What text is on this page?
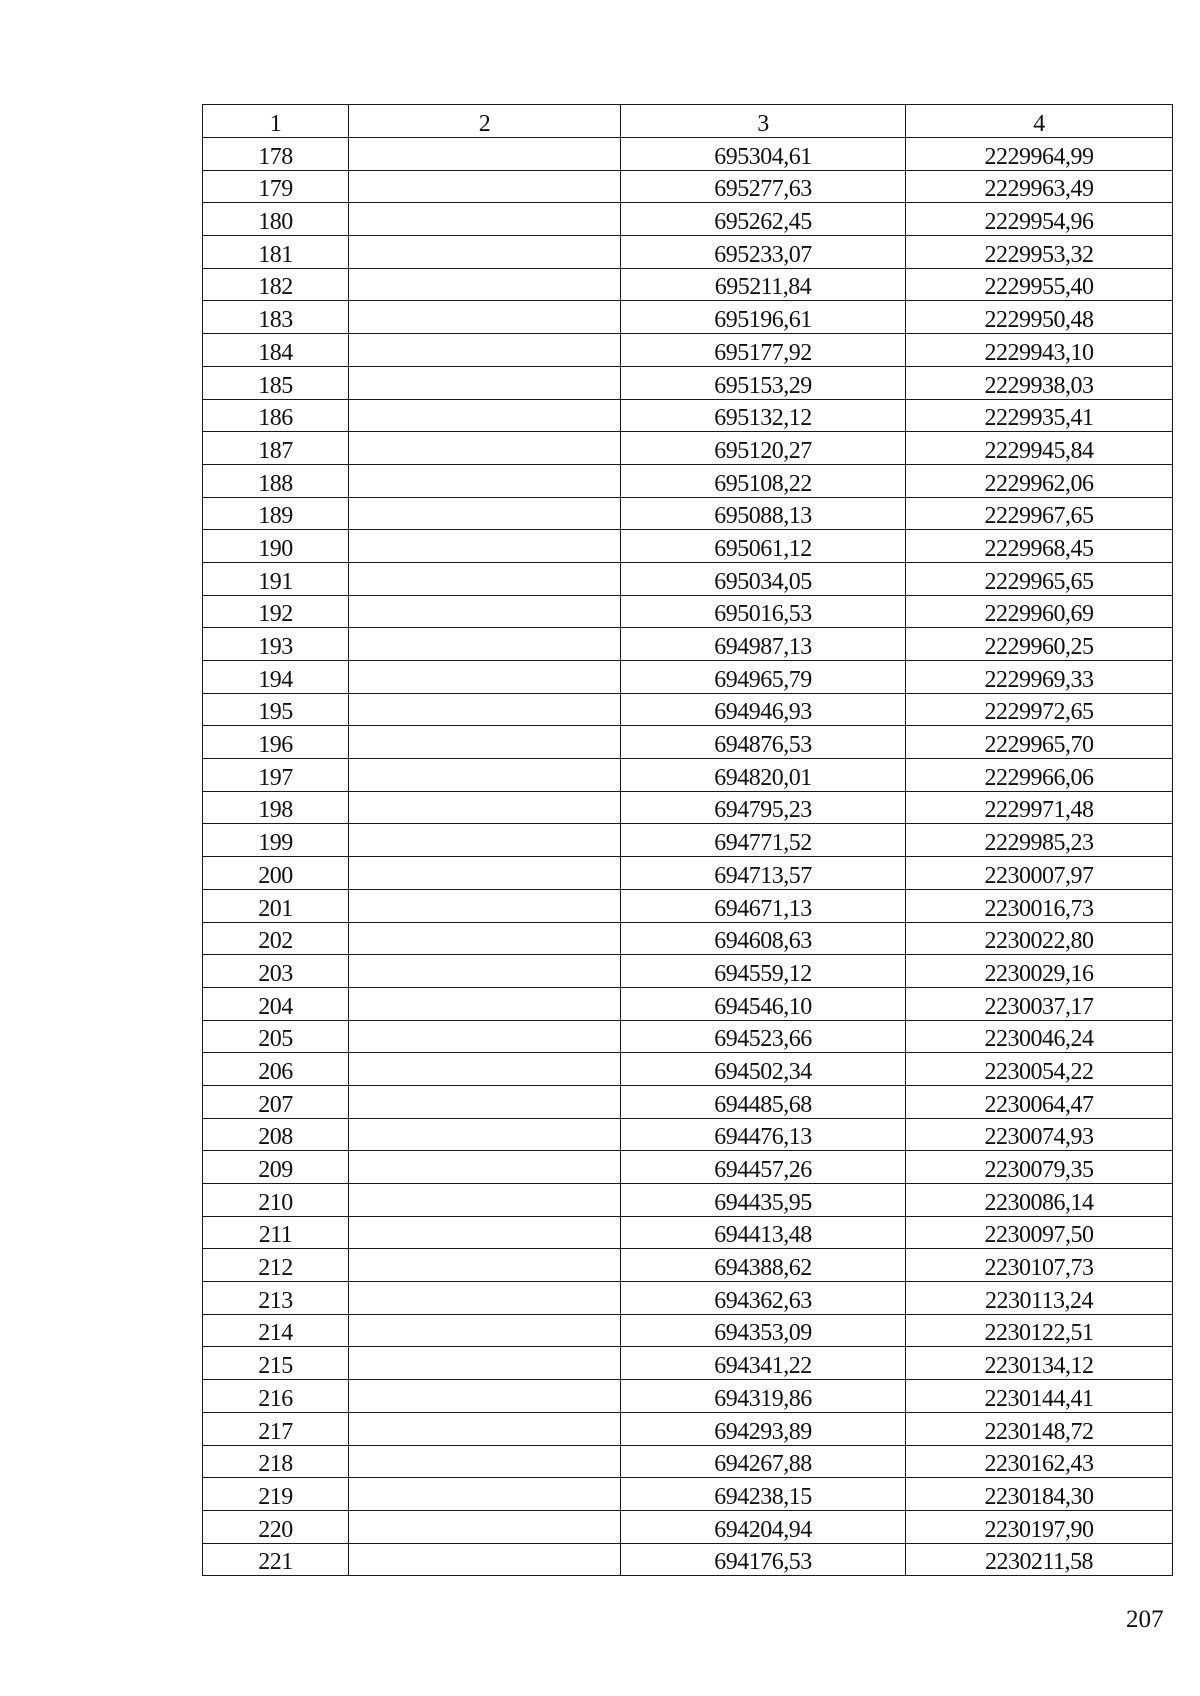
1	2	3	4
178		695304,61	2229964,99
179		695277,63	2229963,49
180		695262,45	2229954,96
181		695233,07	2229953,32
182		695211,84	2229955,40
183		695196,61	2229950,48
184		695177,92	2229943,10
185		695153,29	2229938,03
186		695132,12	2229935,41
187		695120,27	2229945,84
188		695108,22	2229962,06
189		695088,13	2229967,65
190		695061,12	2229968,45
191		695034,05	2229965,65
192		695016,53	2229960,69
193		694987,13	2229960,25
194		694965,79	2229969,33
195		694946,93	2229972,65
196		694876,53	2229965,70
197		694820,01	2229966,06
198		694795,23	2229971,48
199		694771,52	2229985,23
200		694713,57	2230007,97
201		694671,13	2230016,73
202		694608,63	2230022,80
203		694559,12	2230029,16
204		694546,10	2230037,17
205		694523,66	2230046,24
206		694502,34	2230054,22
207		694485,68	2230064,47
208		694476,13	2230074,93
209		694457,26	2230079,35
210		694435,95	2230086,14
211		694413,48	2230097,50
212		694388,62	2230107,73
213		694362,63	2230113,24
214		694353,09	2230122,51
215		694341,22	2230134,12
216		694319,86	2230144,41
217		694293,89	2230148,72
218		694267,88	2230162,43
219		694238,15	2230184,30
220		694204,94	2230197,90
221		694176,53	2230211,58
207
